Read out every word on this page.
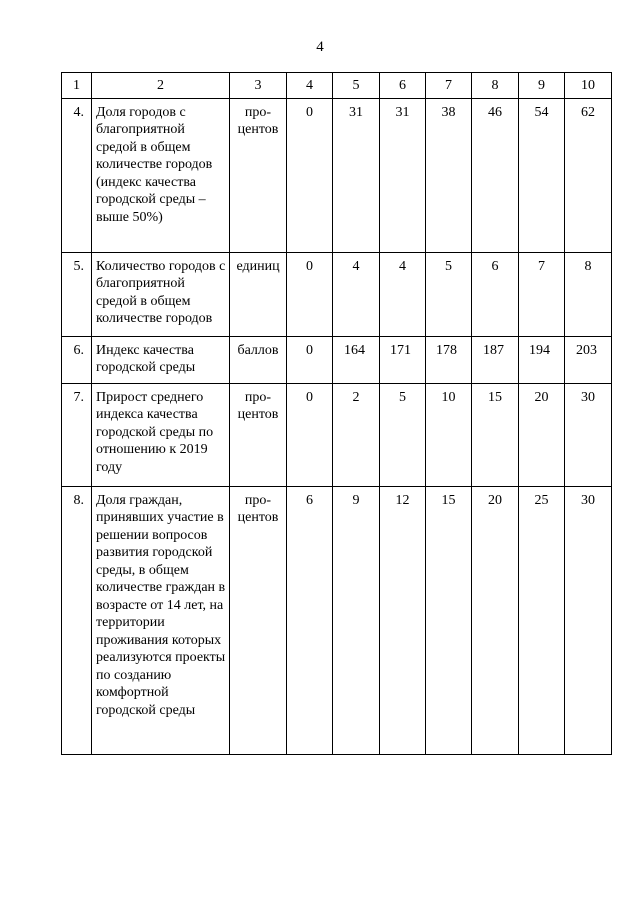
4
1	2	3	4	5	6	7	8	9	10
4.	Доля городов с благоприятной средой в общем количестве городов (индекс качества городской среды – выше 50%)	про-центов	0	31	31	38	46	54	62
5.	Количество городов с благоприятной средой в общем количестве городов	единиц	0	4	4	5	6	7	8
6.	Индекс качества городской среды	баллов	0	164	171	178	187	194	203
7.	Прирост среднего индекса качества городской среды по отношению к 2019 году	про-центов	0	2	5	10	15	20	30
8.	Доля граждан, принявших участие в решении вопросов развития городской среды, в общем количестве граждан в возрасте от 14 лет, на территории проживания которых реализуются проекты по созданию комфортной городской среды	про-центов	6	9	12	15	20	25	30
